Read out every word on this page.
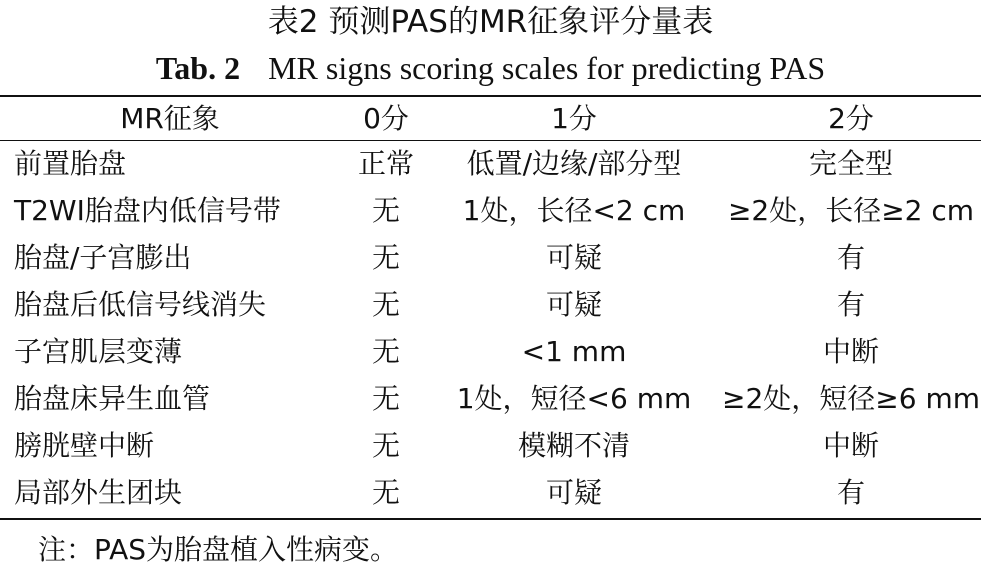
表2 预测PAS的MR征象评分量表
Tab. 2 MR signs scoring scales for predicting PAS
MR征象	0分	1分	2分
前置胎盘	正常	低置/边缘/部分型	完全型
T2WI胎盘内低信号带	无	1处，长径<2 cm	≥2处，长径≥2 cm
胎盘/子宫膨出	无	可疑	有
胎盘后低信号线消失	无	可疑	有
子宫肌层变薄	无	<1 mm	中断
胎盘床异生血管	无	1处，短径<6 mm	≥2处，短径≥6 mm
膀胱壁中断	无	模糊不清	中断
局部外生团块	无	可疑	有
注：PAS为胎盘植入性病变。
